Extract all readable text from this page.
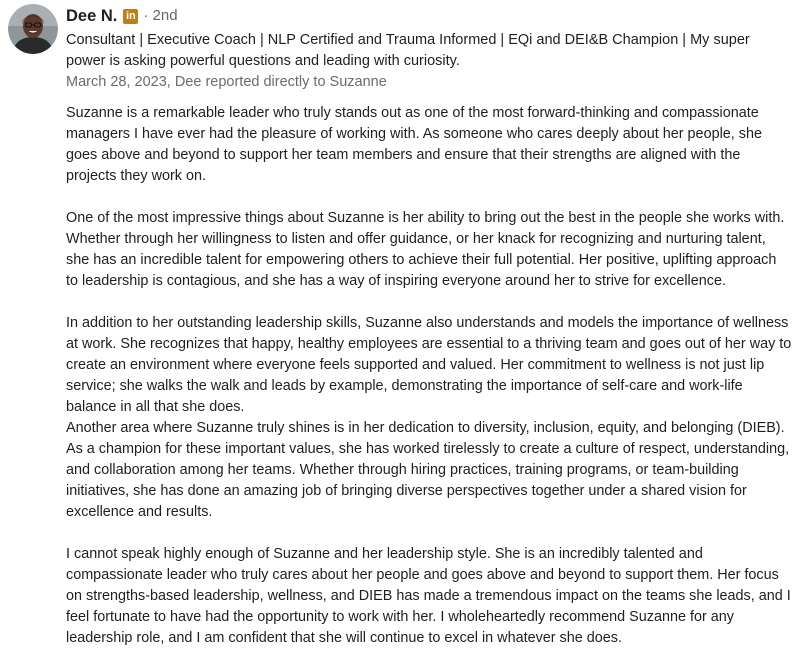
Dee N. in · 2nd
Consultant | Executive Coach | NLP Certified and Trauma Informed | EQi and DEI&B Champion | My super power is asking powerful questions and leading with curiosity.
March 28, 2023, Dee reported directly to Suzanne

Suzanne is a remarkable leader who truly stands out as one of the most forward-thinking and compassionate managers I have ever had the pleasure of working with. As someone who cares deeply about her people, she goes above and beyond to support her team members and ensure that their strengths are aligned with the projects they work on.

One of the most impressive things about Suzanne is her ability to bring out the best in the people she works with. Whether through her willingness to listen and offer guidance, or her knack for recognizing and nurturing talent, she has an incredible talent for empowering others to achieve their full potential. Her positive, uplifting approach to leadership is contagious, and she has a way of inspiring everyone around her to strive for excellence.

In addition to her outstanding leadership skills, Suzanne also understands and models the importance of wellness at work. She recognizes that happy, healthy employees are essential to a thriving team and goes out of her way to create an environment where everyone feels supported and valued. Her commitment to wellness is not just lip service; she walks the walk and leads by example, demonstrating the importance of self-care and work-life balance in all that she does.

Another area where Suzanne truly shines is in her dedication to diversity, inclusion, equity, and belonging (DIEB). As a champion for these important values, she has worked tirelessly to create a culture of respect, understanding, and collaboration among her teams. Whether through hiring practices, training programs, or team-building initiatives, she has done an amazing job of bringing diverse perspectives together under a shared vision for excellence and results.

I cannot speak highly enough of Suzanne and her leadership style. She is an incredibly talented and compassionate leader who truly cares about her people and goes above and beyond to support them. Her focus on strengths-based leadership, wellness, and DIEB has made a tremendous impact on the teams she leads, and I feel fortunate to have had the opportunity to work with her. I wholeheartedly recommend Suzanne for any leadership role, and I am confident that she will continue to excel in whatever she does.
